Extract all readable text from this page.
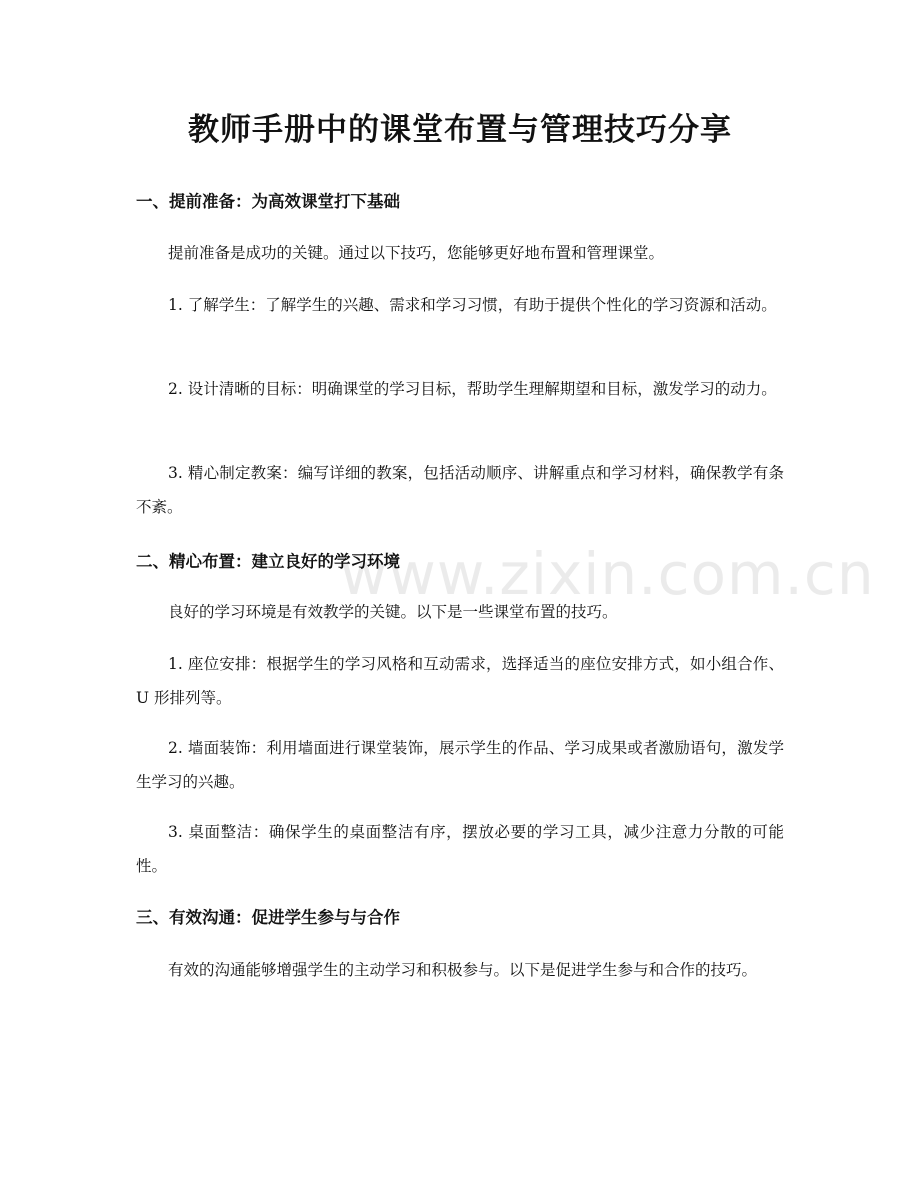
www.zixin.com.cn
教师手册中的课堂布置与管理技巧分享
一、提前准备：为高效课堂打下基础

提前准备是成功的关键。通过以下技巧，您能够更好地布置和管理课堂。

1. 了解学生：了解学生的兴趣、需求和学习习惯，有助于提供个性化的学习资源和活动。

2. 设计清晰的目标：明确课堂的学习目标，帮助学生理解期望和目标，激发学习的动力。

3. 精心制定教案：编写详细的教案，包括活动顺序、讲解重点和学习材料，确保教学有条不紊。

二、精心布置：建立良好的学习环境

良好的学习环境是有效教学的关键。以下是一些课堂布置的技巧。

1. 座位安排：根据学生的学习风格和互动需求，选择适当的座位安排方式，如小组合作、U 形排列等。

2. 墙面装饰：利用墙面进行课堂装饰，展示学生的作品、学习成果或者激励语句，激发学生学习的兴趣。

3. 桌面整洁：确保学生的桌面整洁有序，摆放必要的学习工具，减少注意力分散的可能性。

三、有效沟通：促进学生参与与合作

有效的沟通能够增强学生的主动学习和积极参与。以下是促进学生参与和合作的技巧。
